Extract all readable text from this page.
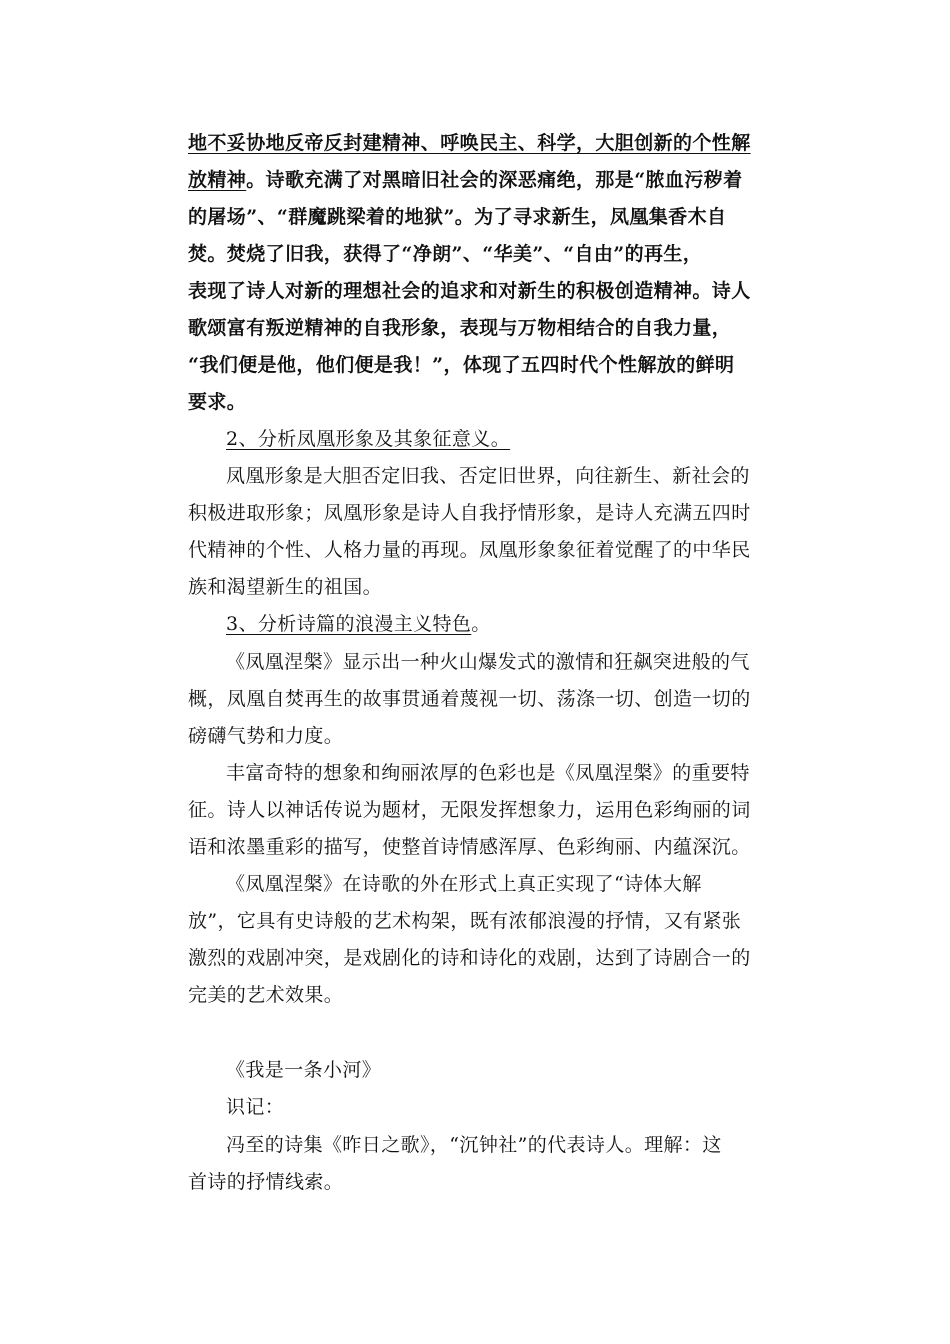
地不妥协地反帝反封建精神、呼唤民主、科学，大胆创新的个性解
放精神。诗歌充满了对黑暗旧社会的深恶痛绝，那是“脓血污秽着
的屠场”、“群魔跳梁着的地狱”。为了寻求新生，凤凰集香木自
焚。焚烧了旧我，获得了“净朗”、“华美”、“自由”的再生，
表现了诗人对新的理想社会的追求和对新生的积极创造精神。诗人
歌颂富有叛逆精神的自我形象，表现与万物相结合的自我力量，
“我们便是他，他们便是我！”，体现了五四时代个性解放的鲜明
要求。
2、分析凤凰形象及其象征意义。
凤凰形象是大胆否定旧我、否定旧世界，向往新生、新社会的
积极进取形象；凤凰形象是诗人自我抒情形象，是诗人充满五四时
代精神的个性、人格力量的再现。凤凰形象象征着觉醒了的中华民
族和渴望新生的祖国。
3、分析诗篇的浪漫主义特色。
《凤凰涅槃》显示出一种火山爆发式的激情和狂飙突进般的气
概，凤凰自焚再生的故事贯通着蔑视一切、荡涤一切、创造一切的
磅礴气势和力度。
丰富奇特的想象和绚丽浓厚的色彩也是《凤凰涅槃》的重要特
征。诗人以神话传说为题材，无限发挥想象力，运用色彩绚丽的词
语和浓墨重彩的描写，使整首诗情感浑厚、色彩绚丽、内蕴深沉。
《凤凰涅槃》在诗歌的外在形式上真正实现了“诗体大解
放”，它具有史诗般的艺术构架，既有浓郁浪漫的抒情，又有紧张
激烈的戏剧冲突，是戏剧化的诗和诗化的戏剧，达到了诗剧合一的
完美的艺术效果。
《我是一条小河》
识记：
冯至的诗集《昨日之歌》，“沉钟社”的代表诗人。理解：这
首诗的抒情线索。
